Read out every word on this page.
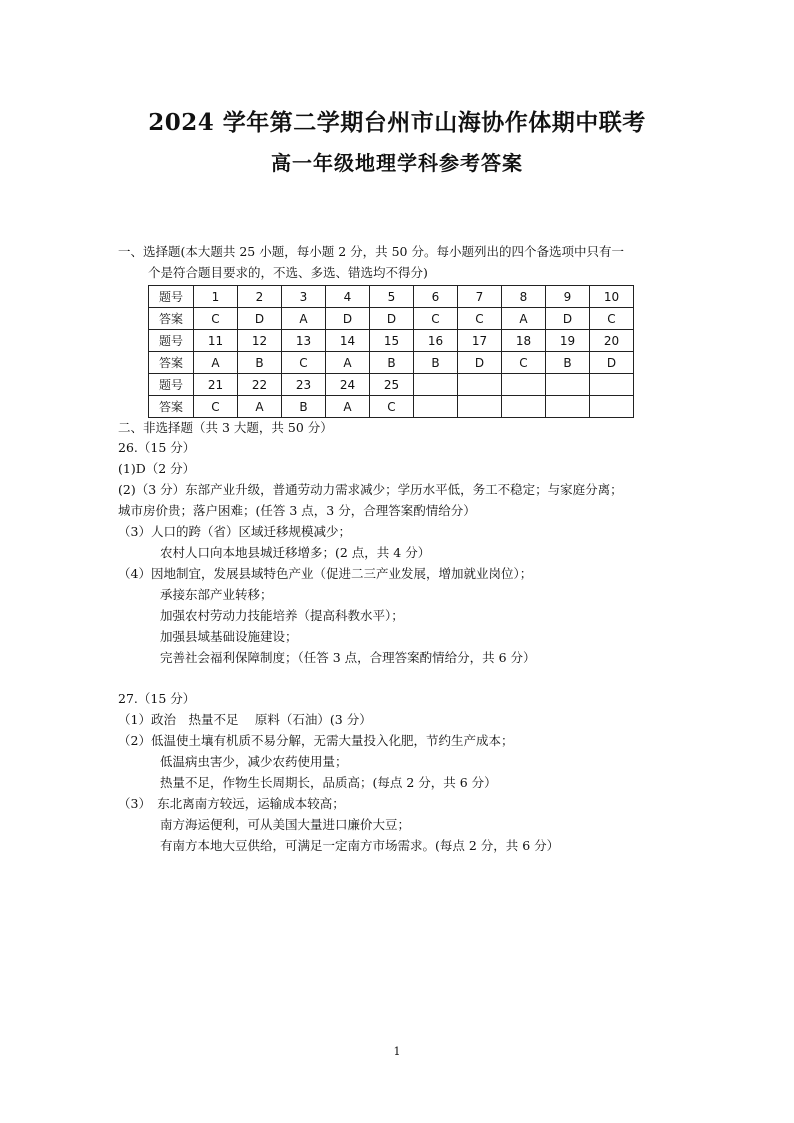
2024 学年第二学期台州市山海协作体期中联考
高一年级地理学科参考答案

一、选择题(本大题共 25 小题，每小题 2 分，共 50 分。每小题列出的四个备选项中只有一

个是符合题目要求的，不选、多选、错选均不得分)

题号	1	2	3	4	5	6	7	8	9	10
答案	C	D	A	D	D	C	C	A	D	C
题号	11	12	13	14	15	16	17	18	19	20
答案	A	B	C	A	B	B	D	C	B	D
题号	21	22	23	24	25					
答案	C	A	B	A	C					

二、非选择题（共 3 大题，共 50 分）

26.（15 分）

(1)D（2 分）

(2)（3 分）东部产业升级，普通劳动力需求减少；学历水平低，务工不稳定；与家庭分离；

城市房价贵；落户困难；(任答 3 点，3 分，合理答案酌情给分）

（3）人口的跨（省）区域迁移规模减少；

农村人口向本地县城迁移增多；(2 点，共 4 分）

（4）因地制宜，发展县域特色产业（促进二三产业发展，增加就业岗位）；

承接东部产业转移；

加强农村劳动力技能培养（提高科教水平）；

加强县域基础设施建设；

完善社会福利保障制度；（任答 3 点，合理答案酌情给分，共 6 分）

27.（15 分）

（1）政治　热量不足　 原料（石油）(3 分）

（2）低温使土壤有机质不易分解，无需大量投入化肥，节约生产成本；

低温病虫害少，减少农药使用量；

热量不足，作物生长周期长，品质高；(每点 2 分，共 6 分）

（3）　东北离南方较远，运输成本较高；

南方海运便利，可从美国大量进口廉价大豆；

有南方本地大豆供给，可满足一定南方市场需求。(每点 2 分，共 6 分）

1
